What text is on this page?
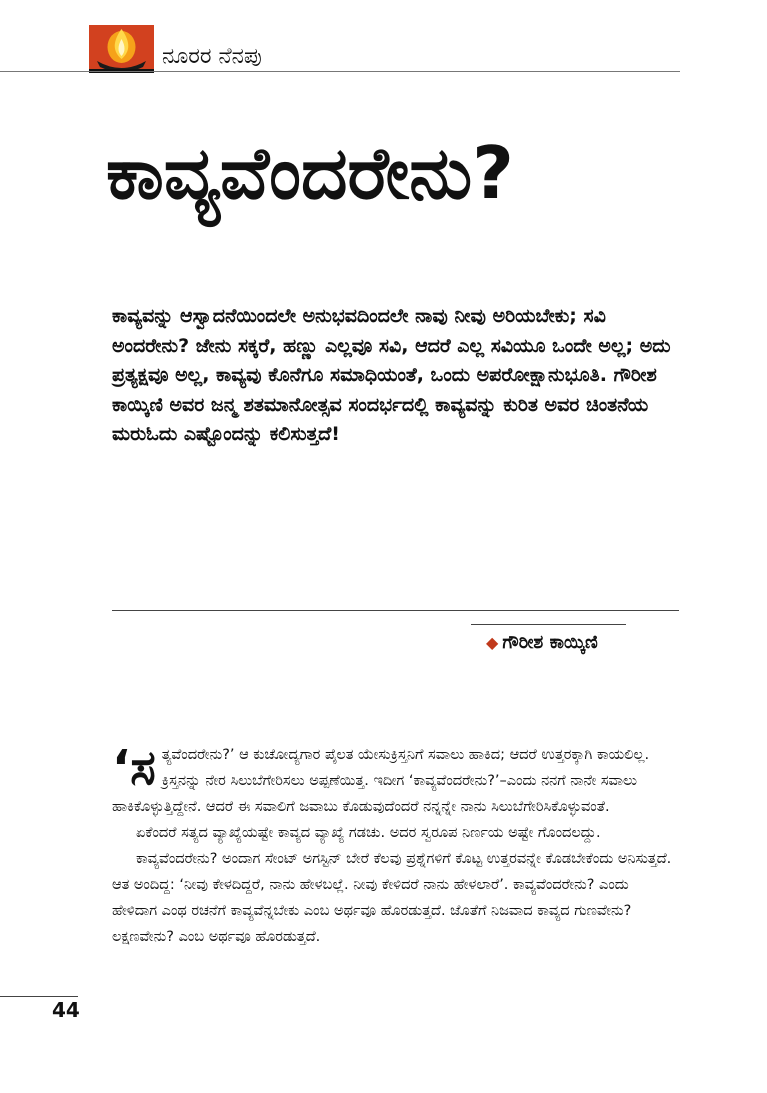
ನೂರರ ನೆನಪು
ಕಾವ್ಯವೆಂದರೇನು?
ಕಾವ್ಯವನ್ನು ಆಸ್ವಾದನೆಯಿಂದಲೇ ಅನುಭವದಿಂದಲೇ ನಾವು ನೀವು ಅರಿಯಬೇಕು; ಸವಿ ಅಂದರೇನು? ಜೇನು ಸಕ್ಕರೆ, ಹಣ್ಣು ಎಲ್ಲವೂ ಸವಿ, ಆದರೆ ಎಲ್ಲ ಸವಿಯೂ ಒಂದೇ ಅಲ್ಲ; ಅದು ಪ್ರತ್ಯಕ್ಷವೂ ಅಲ್ಲ, ಕಾವ್ಯವು ಕೊನೆಗೂ ಸಮಾಧಿಯಂತೆ, ಒಂದು ಅಪರೋಕ್ಷಾನುಭೂತಿ. ಗೌರೀಶ ಕಾಯ್ಕಿಣಿ ಅವರ ಜನ್ಮ ಶತಮಾನೋತ್ಸವ ಸಂದರ್ಭದಲ್ಲಿ ಕಾವ್ಯವನ್ನು ಕುರಿತ ಅವರ ಚಿಂತನೆಯ ಮರುಓದು ಎಷ್ಟೊಂದನ್ನು ಕಲಿಸುತ್ತದೆ!
◆ ಗೌರೀಶ ಕಾಯ್ಕಿಣಿ

‘ಸತ್ಯವೆಂದರೇನು?’ ಆ ಕುಚೋದ್ಯಗಾರ ಪೈಲತ ಯೇಸುಕ್ರಿಸ್ತನಿಗೆ ಸವಾಲು ಹಾಕಿದ; ಆದರೆ ಉತ್ತರಕ್ಕಾಗಿ ಕಾಯಲಿಲ್ಲ. ಕ್ರಿಸ್ತನನ್ನು ನೇರ ಸಿಲುಬೆಗೇರಿಸಲು ಅಪ್ಪಣೆಯಿತ್ತ. ಇದೀಗ ‘ಕಾವ್ಯವೆಂದರೇನು?’–ಎಂದು ನನಗೆ ನಾನೇ ಸವಾಲು ಹಾಕಿಕೊಳ್ಳುತ್ತಿದ್ದೇನೆ. ಆದರೆ ಈ ಸವಾಲಿಗೆ ಜವಾಬು ಕೊಡುವುದೆಂದರೆ ನನ್ನನ್ನೇ ನಾನು ಸಿಲುಬೆಗೇರಿಸಿಕೊಳ್ಳುವಂತೆ.

ಏಕೆಂದರೆ ಸತ್ಯದ ವ್ಯಾಖ್ಯೆಯಷ್ಟೇ ಕಾವ್ಯದ ವ್ಯಾಖ್ಯೆ ಗಡಚು. ಅದರ ಸ್ವರೂಪ ನಿರ್ಣಯ ಅಷ್ಟೇ ಗೊಂದಲದ್ದು.

ಕಾವ್ಯವೆಂದರೇನು? ಅಂದಾಗ ಸೇಂಟ್ ಅಗಸ್ಟಿನ್ ಬೇರೆ ಕೆಲವು ಪ್ರಶ್ನೆಗಳಿಗೆ ಕೊಟ್ಟ ಉತ್ತರವನ್ನೇ ಕೊಡಬೇಕೆಂದು ಅನಿಸುತ್ತದೆ. ಆತ ಅಂದಿದ್ದ: ‘ನೀವು ಕೇಳದಿದ್ದರೆ, ನಾನು ಹೇಳಬಲ್ಲೆ. ನೀವು ಕೇಳಿದರೆ ನಾನು ಹೇಳಲಾರೆ’. ಕಾವ್ಯವೆಂದರೇನು? ಎಂದು ಹೇಳಿದಾಗ ಎಂಥ ರಚನೆಗೆ ಕಾವ್ಯವೆನ್ನಬೇಕು ಎಂಬ ಅರ್ಥವೂ ಹೊರಡುತ್ತದೆ. ಜೊತೆಗೆ ನಿಜವಾದ ಕಾವ್ಯದ ಗುಣವೇನು? ಲಕ್ಷಣವೇನು? ಎಂಬ ಅರ್ಥವೂ ಹೊರಡುತ್ತದೆ.

44
